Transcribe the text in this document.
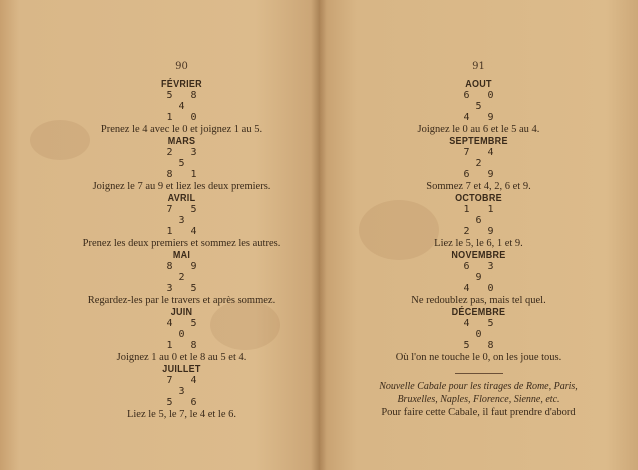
90
FÉVRIER
5   8
4
1   0
Prenez le 4 avec le 0 et joignez 1 au 5.
MARS
2   3
5
8   1
Joignez le 7 au 9 et liez les deux premiers.
AVRIL
7   5
3
1   4
Prenez les deux premiers et sommez les autres.
MAI
8   9
2
3   5
Regardez-les par le travers et après sommez.
JUIN
4   5
0
1   8
Joignez 1 au 0 et le 8 au 5 et 4.
JUILLET
7   4
3
5   6
Liez le 5, le 7, le 4 et le 6.
91
AOUT
6   0
5
4   9
Joignez le 0 au 6 et le 5 au 4.
SEPTEMBRE
7   4
2
6   9
Sommez 7 et 4, 2, 6 et 9.
OCTOBRE
1   1
6
2   9
Liez le 5, le 6, 1 et 9.
NOVEMBRE
6   3
9
4   0
Ne redoublez pas, mais tel quel.
DÉCEMBRE
4   5
0
5   8
Où l'on ne touche le 0, on les joue tous.
Nouvelle Cabale pour les tirages de Rome, Paris,
Bruxelles, Naples, Florence, Sienne, etc.
Pour faire cette Cabale, il faut prendre d'abord
